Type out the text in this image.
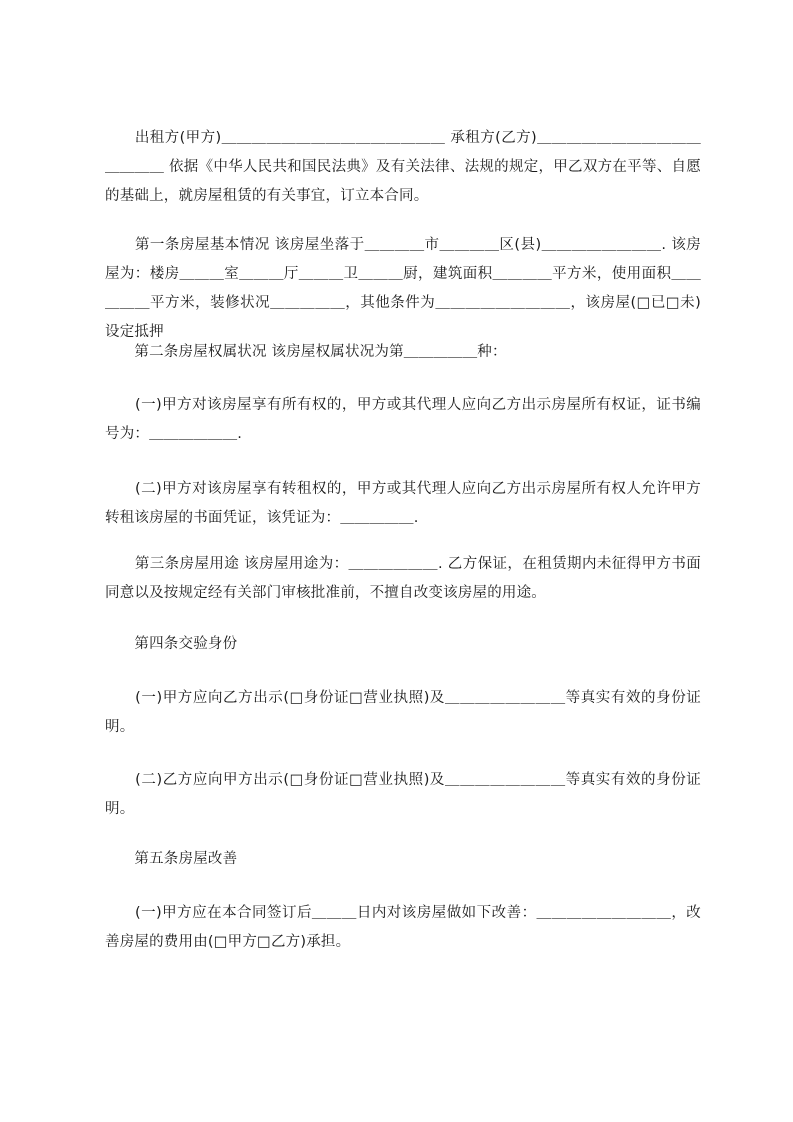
　　出租方(甲方)＿＿＿＿＿＿＿＿＿＿＿＿＿＿＿ 承租方(乙方)＿＿＿＿＿＿＿＿＿＿＿＿＿＿＿ 依据《中华人民共和国民法典》及有关法律、法规的规定，甲乙双方在平等、自愿的基础上，就房屋租赁的有关事宜，订立本合同。

　　第一条房屋基本情况 该房屋坐落于＿＿＿＿市＿＿＿＿区(县)＿＿＿＿＿＿＿＿. 该房屋为：楼房＿＿＿室＿＿＿厅＿＿＿卫＿＿＿厨，建筑面积＿＿＿＿平方米，使用面积＿＿＿＿＿平方米，装修状况＿＿＿＿＿，其他条件为＿＿＿＿＿＿＿＿＿，该房屋(□已□未)设定抵押

　　第二条房屋权属状况 该房屋权属状况为第＿＿＿＿＿种：

　　(一)甲方对该房屋享有所有权的，甲方或其代理人应向乙方出示房屋所有权证，证书编号为：＿＿＿＿＿＿.

　　(二)甲方对该房屋享有转租权的，甲方或其代理人应向乙方出示房屋所有权人允许甲方转租该房屋的书面凭证，该凭证为：＿＿＿＿＿.

　　第三条房屋用途 该房屋用途为：＿＿＿＿＿＿. 乙方保证，在租赁期内未征得甲方书面同意以及按规定经有关部门审核批准前，不擅自改变该房屋的用途。

　　第四条交验身份

　　(一)甲方应向乙方出示(□身份证□营业执照)及＿＿＿＿＿＿＿＿等真实有效的身份证明。

　　(二)乙方应向甲方出示(□身份证□营业执照)及＿＿＿＿＿＿＿＿等真实有效的身份证明。

　　第五条房屋改善

　　(一)甲方应在本合同签订后＿＿＿日内对该房屋做如下改善：＿＿＿＿＿＿＿＿＿，改善房屋的费用由(□甲方□乙方)承担。
